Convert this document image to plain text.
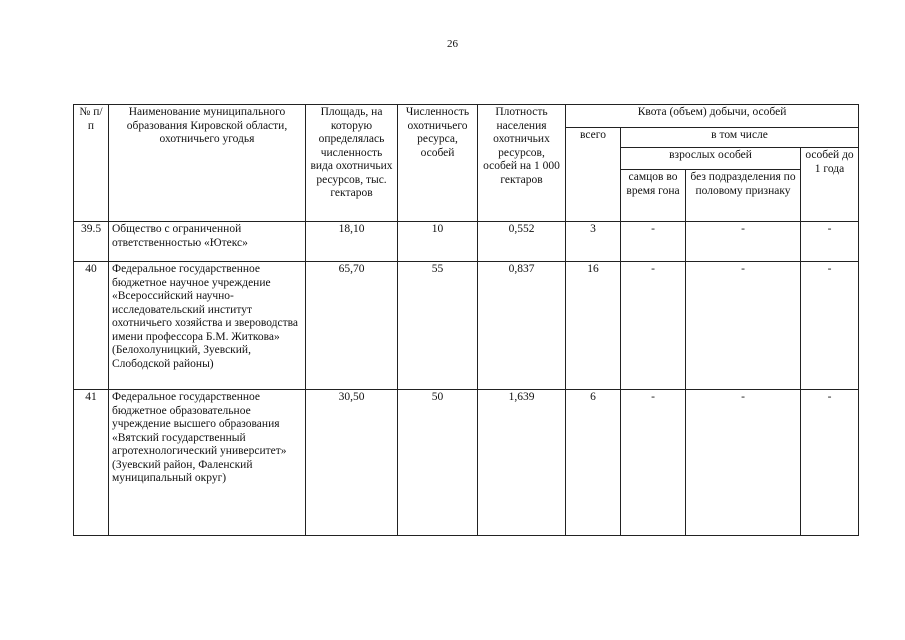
26
№ п/п	Наименование муниципального образования Кировской области, охотничьего угодья	Площадь, на которую определялась численность вида охотничьих ресурсов, тыс. гектаров	Численность охотничьего ресурса, особей	Плотность населения охотничьих ресурсов, особей на 1 000 гектаров	Квота (объем) добычи, особей			
					всего	в том числе		
						взрослых особей		особей до 1 года
						самцов во время гона	без подразделения по половому признаку	
39.5	Общество с ограниченной ответственностью «Ютекс»	18,10	10	0,552	3	-	-	-
40	Федеральное государственное бюджетное научное учреждение «Всероссийский научно-исследовательский институт охотничьего хозяйства и звероводства имени профессора Б.М. Житкова» (Белохолуницкий, Зуевский, Слободской районы)	65,70	55	0,837	16	-	-	-
41	Федеральное государственное бюджетное образовательное учреждение высшего образования «Вятский государственный агротехнологический университет» (Зуевский район, Фаленский муниципальный округ)	30,50	50	1,639	6	-	-	-
